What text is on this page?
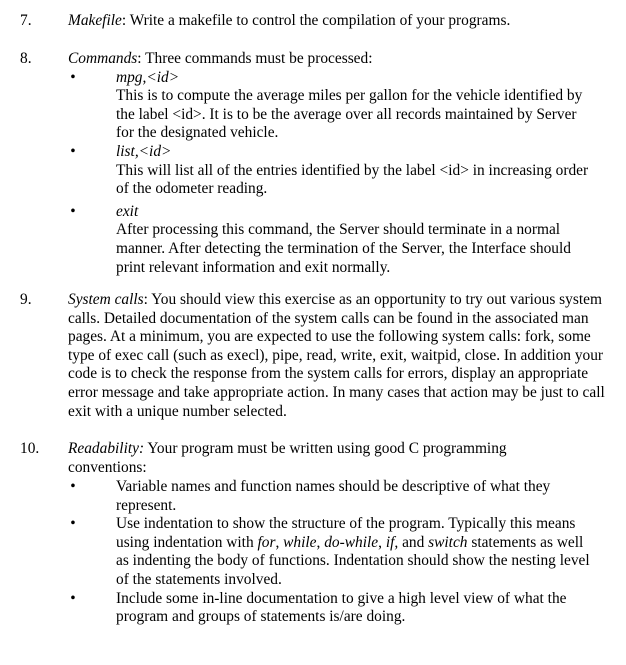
7. Makefile: Write a makefile to control the compilation of your programs.
8. Commands: Three commands must be processed:
•	mpg,<id>

This is to compute the average miles per gallon for the vehicle identified by the label <id>. It is to be the average over all records maintained by Server for the designated vehicle.

•	list,<id>

This will list all of the entries identified by the label <id> in increasing order of the odometer reading.

•	exit

After processing this command, the Server should terminate in a normal manner. After detecting the termination of the Server, the Interface should print relevant information and exit normally.

9. System calls: You should view this exercise as an opportunity to try out various system calls. Detailed documentation of the system calls can be found in the associated man pages. At a minimum, you are expected to use the following system calls: fork, some type of exec call (such as execl), pipe, read, write, exit, waitpid, close. In addition your code is to check the response from the system calls for errors, display an appropriate error message and take appropriate action. In many cases that action may be just to call exit with a unique number selected.
10. Readability: Your program must be written using good C programming conventions:
•	Variable names and function names should be descriptive of what they represent.

•	Use indentation to show the structure of the program. Typically this means using indentation with for, while, do-while, if, and switch statements as well as indenting the body of functions. Indentation should show the nesting level of the statements involved.

•	Include some in-line documentation to give a high level view of what the program and groups of statements is/are doing.
